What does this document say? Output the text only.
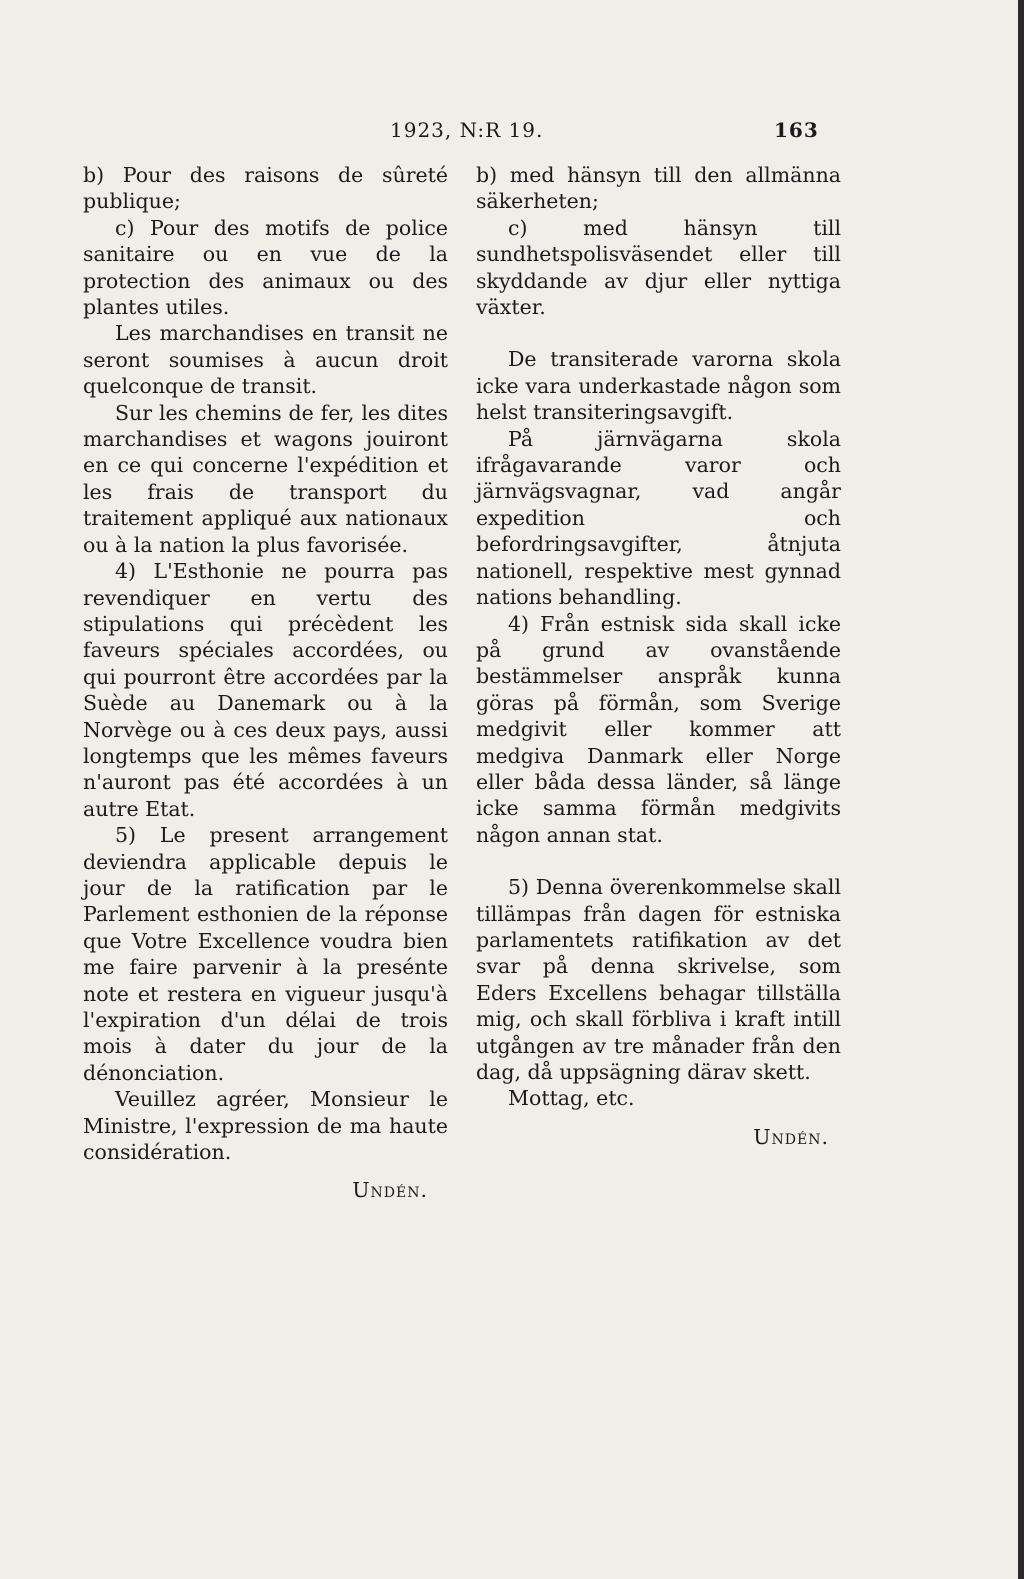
1923, N:R 19.	163

b) Pour des raisons de sûreté publique;

c) Pour des motifs de police sanitaire ou en vue de la protection des animaux ou des plantes utiles.

Les marchandises en transit ne seront soumises à aucun droit quelconque de transit.

Sur les chemins de fer, les dites marchandises et wagons jouiront en ce qui concerne l'expédition et les frais de transport du traitement appliqué aux nationaux ou à la nation la plus favorisée.

4) L'Esthonie ne pourra pas revendiquer en vertu des stipulations qui précèdent les faveurs spéciales accordées, ou qui pourront être accordées par la Suède au Danemark ou à la Norvège ou à ces deux pays, aussi longtemps que les mêmes faveurs n'auront pas été accordées à un autre Etat.

5) Le present arrangement deviendra applicable depuis le jour de la ratification par le Parlement esthonien de la réponse que Votre Excellence voudra bien me faire parvenir à la presénte note et restera en vigueur jusqu'à l'expiration d'un délai de trois mois à dater du jour de la dénonciation.

Veuillez agréer, Monsieur le Ministre, l'expression de ma haute considération.

Undén.

b) med hänsyn till den allmänna säkerheten;

c) med hänsyn till sundhetspolisväsendet eller till skyddande av djur eller nyttiga växter.

De transiterade varorna skola icke vara underkastade någon som helst transiteringsavgift.

På järnvägarna skola ifrågavarande varor och järnvägsvagnar, vad angår expedition och befordringsavgifter, åtnjuta nationell, respektive mest gynnad nations behandling.

4) Från estnisk sida skall icke på grund av ovanstående bestämmelser anspråk kunna göras på förmån, som Sverige medgivit eller kommer att medgiva Danmark eller Norge eller båda dessa länder, så länge icke samma förmån medgivits någon annan stat.

5) Denna överenkommelse skall tillämpas från dagen för estniska parlamentets ratifikation av det svar på denna skrivelse, som Eders Excellens behagar tillställa mig, och skall förbliva i kraft intill utgången av tre månader från den dag, då uppsägning därav skett.

Mottag, etc.

Undén.
